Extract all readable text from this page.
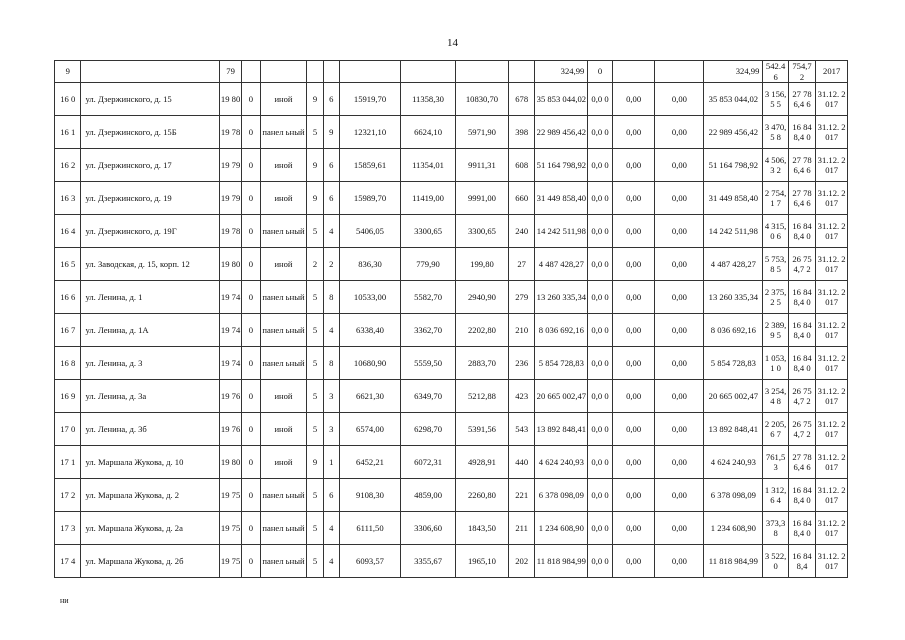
14
9		79									324,99	0			324,99	542.4 6	754,7 2	2017
16 0	ул. Дзержинского, д. 15	19 80	0	иной	9	6	15919,70	11358,30	10830,70	678	35 853 044,02	0,0 0	0,00	0,00	35 853 044,02	3 156,5 5	27 786,4 6	31.12. 2017
16 1	ул. Дзержинского, д. 15Б	19 78	0	панел ьный	5	9	12321,10	6624,10	5971,90	398	22 989 456,42	0,0 0	0,00	0,00	22 989 456,42	3 470,5 8	16 848,4 0	31.12. 2017
16 2	ул. Дзержинского, д. 17	19 79	0	иной	9	6	15859,61	11354,01	9911,31	608	51 164 798,92	0,0 0	0,00	0,00	51 164 798,92	4 506,3 2	27 786,4 6	31.12. 2017
16 3	ул. Дзержинского, д. 19	19 79	0	иной	9	6	15989,70	11419,00	9991,00	660	31 449 858,40	0,0 0	0,00	0,00	31 449 858,40	2 754,1 7	27 786,4 6	31.12. 2017
16 4	ул. Дзержинского, д. 19Г	19 78	0	панел ьный	5	4	5406,05	3300,65	3300,65	240	14 242 511,98	0,0 0	0,00	0,00	14 242 511,98	4 315,0 6	16 848,4 0	31.12. 2017
16 5	ул. Заводская, д. 15, корп. 12	19 80	0	иной	2	2	836,30	779,90	199,80	27	4 487 428,27	0,0 0	0,00	0,00	4 487 428,27	5 753,8 5	26 754,7 2	31.12. 2017
16 6	ул. Ленина, д. 1	19 74	0	панел ьный	5	8	10533,00	5582,70	2940,90	279	13 260 335,34	0,0 0	0,00	0,00	13 260 335,34	2 375,2 5	16 848,4 0	31.12. 2017
16 7	ул. Ленина, д. 1А	19 74	0	панел ьный	5	4	6338,40	3362,70	2202,80	210	8 036 692,16	0,0 0	0,00	0,00	8 036 692,16	2 389,9 5	16 848,4 0	31.12. 2017
16 8	ул. Ленина, д. 3	19 74	0	панел ьный	5	8	10680,90	5559,50	2883,70	236	5 854 728,83	0,0 0	0,00	0,00	5 854 728,83	1 053,1 0	16 848,4 0	31.12. 2017
16 9	ул. Ленина, д. 3а	19 76	0	иной	5	3	6621,30	6349,70	5212,88	423	20 665 002,47	0,0 0	0,00	0,00	20 665 002,47	3 254,4 8	26 754,7 2	31.12. 2017
17 0	ул. Ленина, д. 3б	19 76	0	иной	5	3	6574,00	6298,70	5391,56	543	13 892 848,41	0,0 0	0,00	0,00	13 892 848,41	2 205,6 7	26 754,7 2	31.12. 2017
17 1	ул. Маршала Жукова, д. 10	19 80	0	иной	9	1	6452,21	6072,31	4928,91	440	4 624 240,93	0,0 0	0,00	0,00	4 624 240,93	761,5 3	27 786,4 6	31.12. 2017
17 2	ул. Маршала Жукова, д. 2	19 75	0	панел ьный	5	6	9108,30	4859,00	2260,80	221	6 378 098,09	0,0 0	0,00	0,00	6 378 098,09	1 312,6 4	16 848,4 0	31.12. 2017
17 3	ул. Маршала Жукова, д. 2а	19 75	0	панел ьный	5	4	6111,50	3306,60	1843,50	211	1 234 608,90	0,0 0	0,00	0,00	1 234 608,90	373,3 8	16 848,4 0	31.12. 2017
17 4	ул. Маршала Жукова, д. 2б	19 75	0	панел ьный	5	4	6093,57	3355,67	1965,10	202	11 818 984,99	0,0 0	0,00	0,00	11 818 984,99	3 522,0	16 848,4	31.12. 2017
ни
